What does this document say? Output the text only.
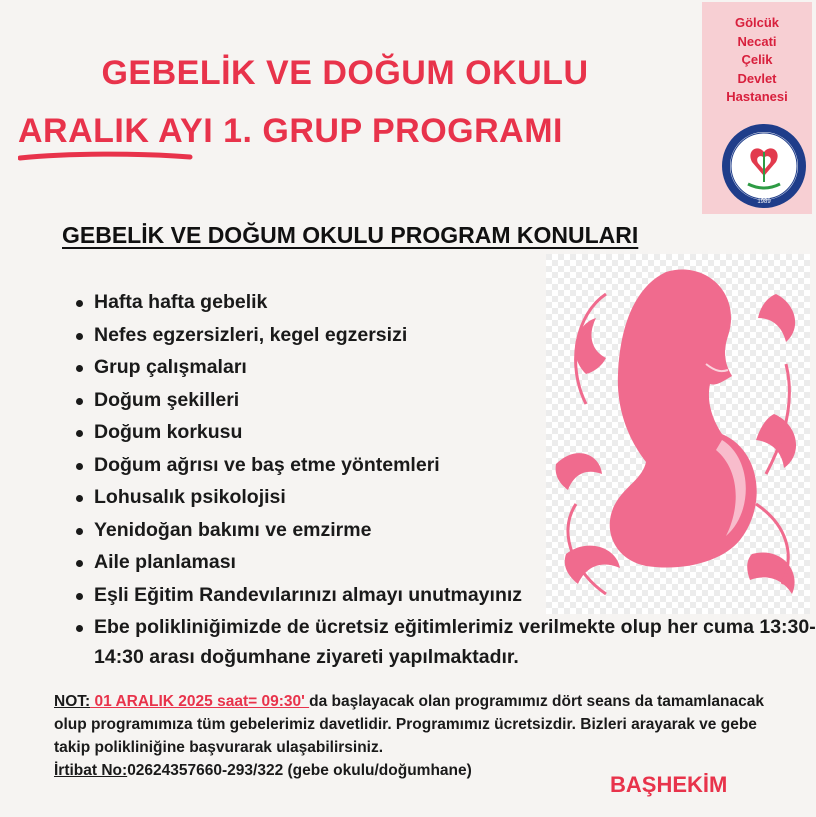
GEBELİK VE DOĞUM OKULU
ARALIK AYI 1. GRUP PROGRAMI
Gölcük
Necati
Çelik
Devlet
Hastanesi
1989
GEBELİK VE DOĞUM OKULU PROGRAM KONULARI
Hafta hafta gebelik
Nefes egzersizleri, kegel egzersizi
Grup çalışmaları
Doğum şekilleri
Doğum korkusu
Doğum ağrısı ve baş etme yöntemleri
Lohusalık psikolojisi
Yenidoğan bakımı ve emzirme
Aile planlaması
Eşli Eğitim Randevılarınızı almayı unutmayınız
Ebe polikliniğimizde de ücretsiz eğitimlerimiz verilmekte olup her cuma 13:30-14:30 arası doğumhane ziyareti yapılmaktadır.
NOT: 01 ARALIK 2025 saat= 09:30' da başlayacak olan programımız dört seans da tamamlanacak olup programımıza tüm gebelerimiz davetlidir. Programımız ücretsizdir. Bizleri arayarak ve gebe takip polikliniğine başvurarak ulaşabilirsiniz.
İrtibat No:02624357660-293/322 (gebe okulu/doğumhane)
BAŞHEKİM
